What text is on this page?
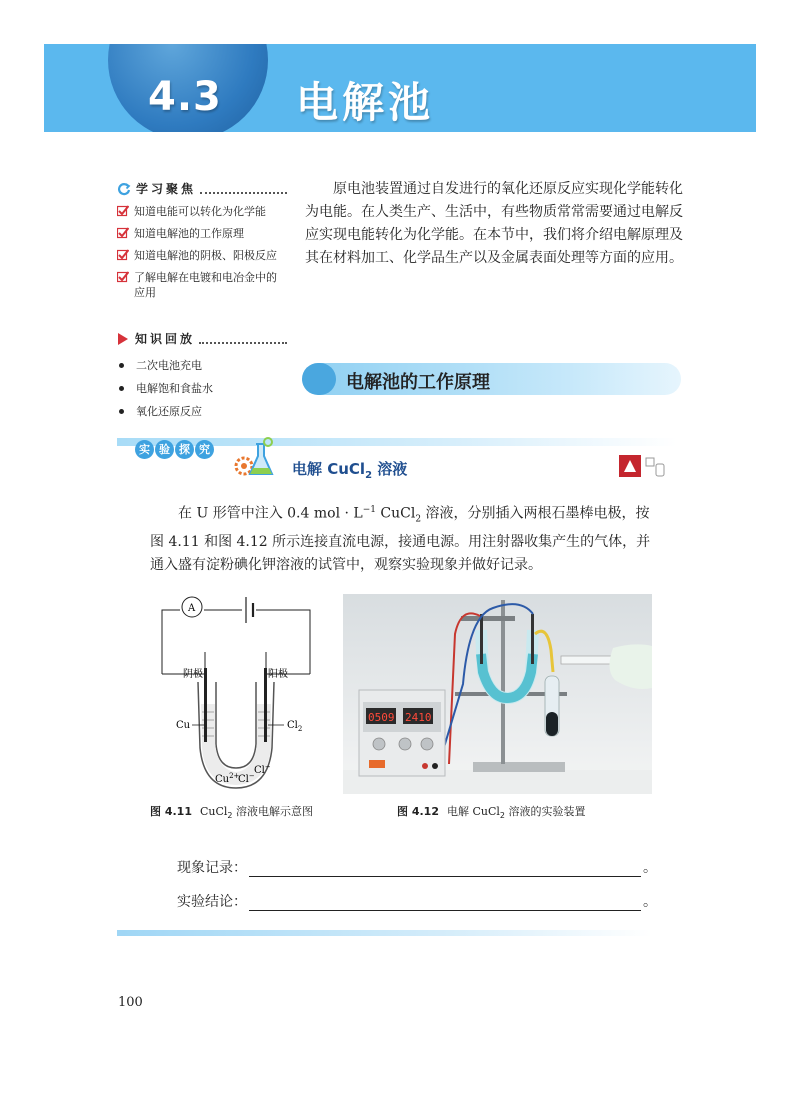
4.3 电解池
学习聚焦
知道电能可以转化为化学能
知道电解池的工作原理
知道电解池的阴极、阳极反应
了解电解在电镀和电冶金中的应用
知识回放
二次电池充电
电解饱和食盐水
氧化还原反应
原电池装置通过自发进行的氧化还原反应实现化学能转化为电能。在人类生产、生活中，有些物质常常需要通过电解反应实现电能转化为化学能。在本节中，我们将介绍电解原理及其在材料加工、化学品生产以及金属表面处理等方面的应用。
电解池的工作原理
实 验 探 究
电解 CuCl$_2$ 溶液
在 U 形管中注入 0.4 mol · $L^{-1}$ CuCl$_2$ 溶液，分别插入两根石墨棒电极，按图 4.11 和图 4.12 所示连接直流电源，接通电源。用注射器收集产生的气体，并通入盛有淀粉碘化钾溶液的试管中，观察实验现象并做好记录。
A
阴极	阳极
Cu	$Cl_2$
$Cu^{2+}$
Cl− Cl−
0509 2410
图 4.11 CuCl$_2$ 溶液电解示意图	图 4.12 电解 CuCl$_2$ 溶液的实验装置
现象记录：	。
实验结论：	。
100
